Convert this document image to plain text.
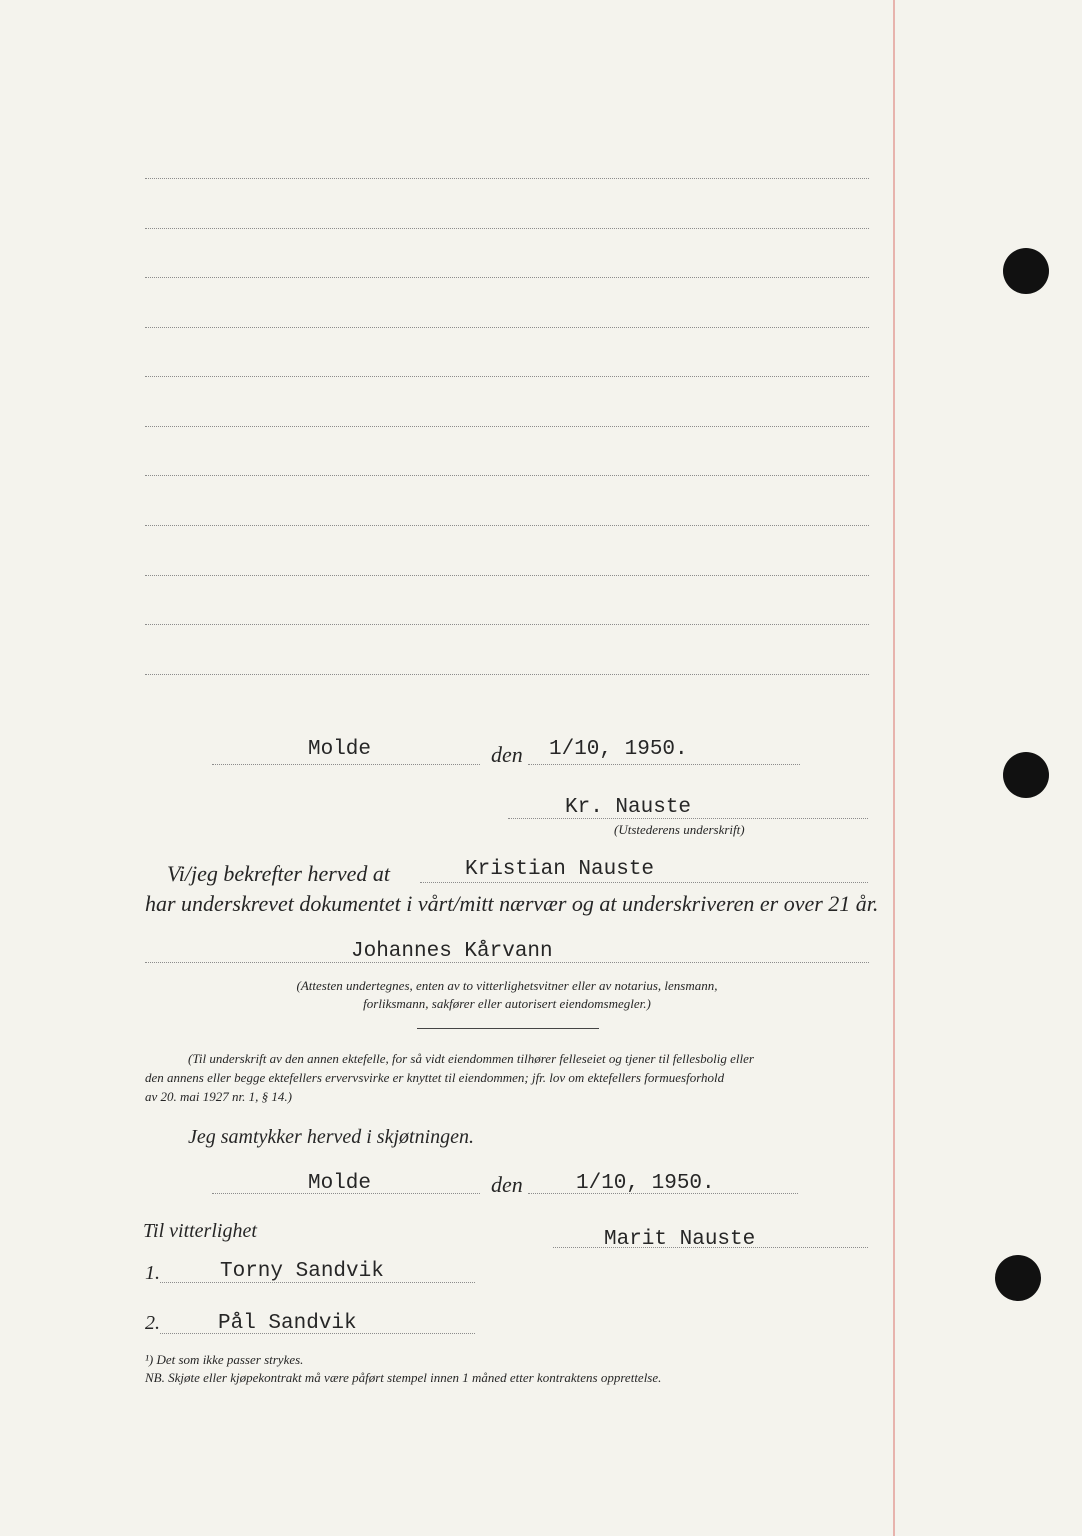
Molde	den 1/10, 1950.
Kr. Nauste
(Utstederens underskrift)
Vi/jeg bekrefter herved at	Kristian Nauste
har underskrevet dokumentet i vårt/mitt nærvær og at underskriveren er over 21 år.
Johannes Kårvann
(Attesten undertegnes, enten av to vitterlighetsvitner eller av notarius, lensmann,
forliksmann, sakfører eller autorisert eiendomsmegler.)
(Til underskrift av den annen ektefelle, for så vidt eiendommen tilhører felleseiet og tjener til fellesbolig eller
den annens eller begge ektefellers ervervsvirke er knyttet til eiendommen; jfr. lov om ektefellers formuesforhold
av 20. mai 1927 nr. 1, § 14.)
Jeg samtykker herved i skjøtningen.
Molde	den	1/10, 1950.
Til vitterlighet	Marit Nauste
1.	Torny Sandvik
2.	Pål Sandvik
¹) Det som ikke passer strykes.
NB. Skjøte eller kjøpekontrakt må være påført stempel innen 1 måned etter kontraktens opprettelse.
